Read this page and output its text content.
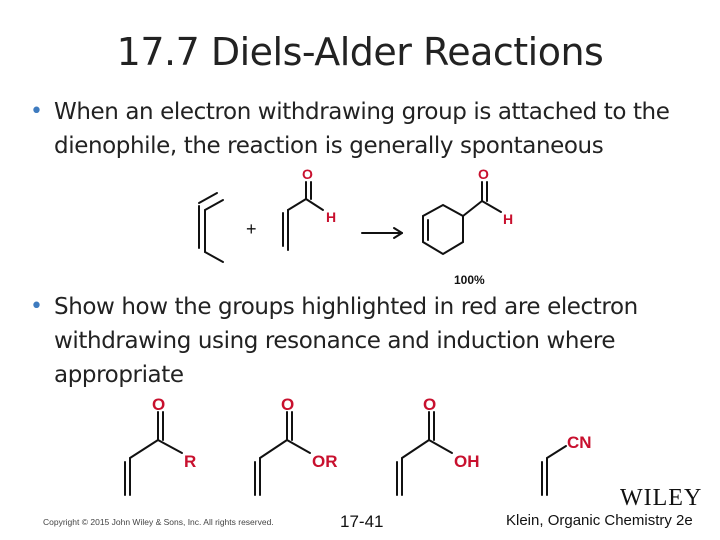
17.7 Diels-Alder Reactions
• When an electron withdrawing group is attached to the dienophile, the reaction is generally spontaneous
+
O
H
O
H
100%
• Show how the groups highlighted in red are electron withdrawing using resonance and induction where appropriate
O
R
O
OR
O
OH
CN
Copyright © 2015 John Wiley & Sons, Inc. All rights reserved.	17-41
WILEY
Klein, Organic Chemistry 2e
